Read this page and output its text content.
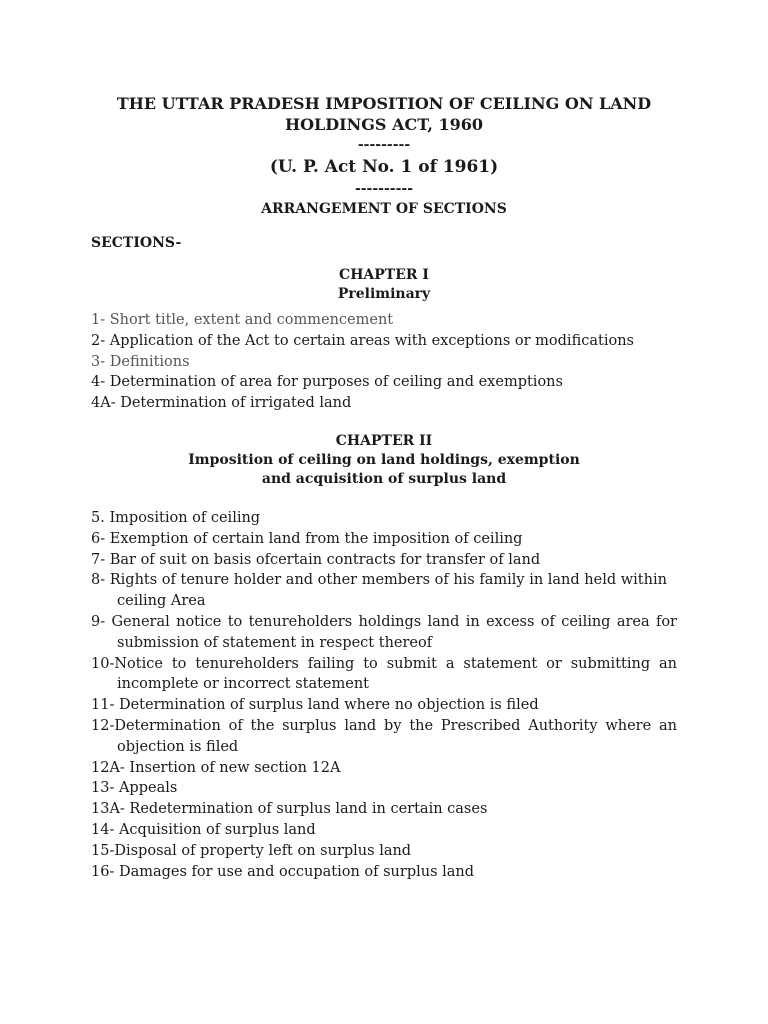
THE UTTAR PRADESH IMPOSITION OF CEILING ON LAND
HOLDINGS ACT, 1960

---------

(U. P. Act No. 1 of 1961)

----------

ARRANGEMENT OF SECTIONS

SECTIONS-

CHAPTER I
Preliminary
1- Short title, extent and commencement
2- Application of the Act to certain areas with exceptions or modifications
3- Definitions
4- Determination of area for purposes of ceiling and exemptions
4A- Determination of irrigated land
CHAPTER II
Imposition of ceiling on land holdings, exemption
and acquisition of surplus land
5. Imposition of ceiling
6- Exemption of certain land from the imposition of ceiling
7- Bar of suit on basis ofcertain contracts for transfer of land
8- Rights of tenure holder and other members of his family in land held within ceiling Area
9- General notice to tenureholders holdings land in excess of ceiling area for submission of statement in respect thereof
10-Notice to tenureholders failing to submit a statement or submitting an incomplete or incorrect statement
11- Determination of surplus land where no objection is filed
12-Determination of the surplus land by the Prescribed Authority where an objection is filed
12A- Insertion of new section 12A
13- Appeals
13A- Redetermination of surplus land in certain cases
14- Acquisition of surplus land
15-Disposal of property left on surplus land
16- Damages for use and occupation of surplus land
